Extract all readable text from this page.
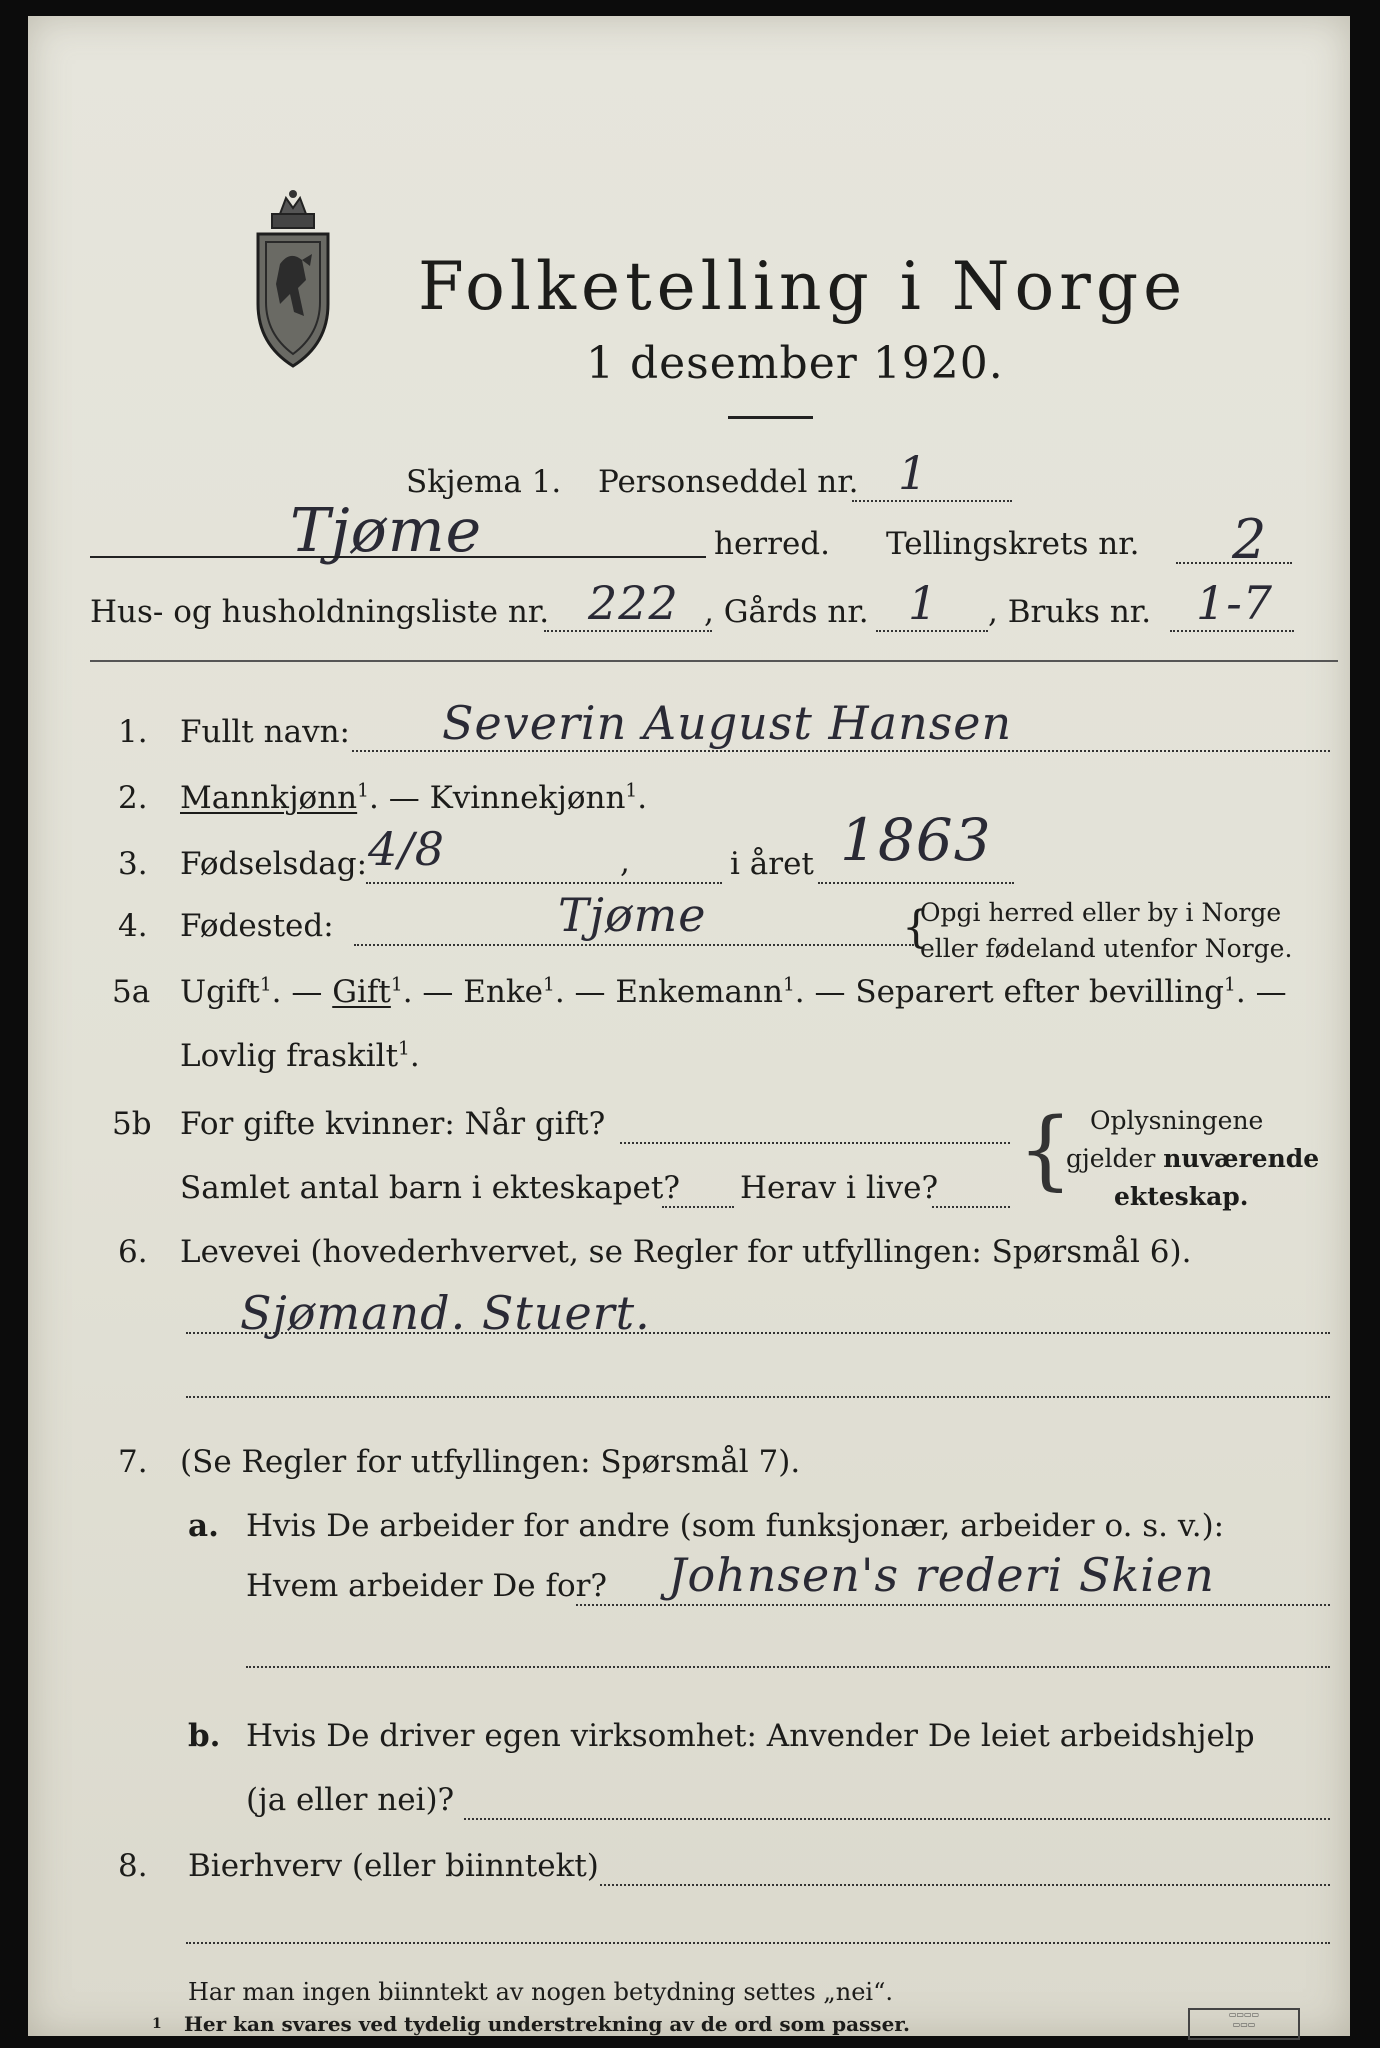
Folketelling i Norge
1 desember 1920.
Skjema 1. Personseddel nr. 1
Tjøme	herred. Tellingskrets nr. 2
Hus- og husholdningsliste nr. 222 , Gårds nr. 1 , Bruks nr. 1-7
1. Fullt navn: Severin August Hansen
2. Mannkjønn$^1$. — Kvinnekjønn$^1$.
3. Fødselsdag: 4/8	,	i året 1863
4. Fødested:	Tjøme	{
Opgi herred eller by i Norge
eller fødeland utenfor Norge.
5a Ugift$^1$. — Gift$^1$. — Enke$^1$. — Enkemann$^1$. — Separert efter bevilling$^1$. —
Lovlig fraskilt$^1$.
5b For gifte kvinner: Når gift?
Samlet antal barn i ekteskapet? Herav i live? { Oplysningene
gjelder nuværende
ekteskap.
6. Levevei (hovederhvervet, se Regler for utfyllingen: Spørsmål 6).
Sjømand. Stuert.
7. (Se Regler for utfyllingen: Spørsmål 7).
a. Hvis De arbeider for andre (som funksjonær, arbeider o. s. v.):
Hvem arbeider De for? Johnsen's rederi Skien
b. Hvis De driver egen virksomhet: Anvender De leiet arbeidshjelp
(ja eller nei)?
8. Bierhverv (eller biinntekt)
Har man ingen biinntekt av nogen betydning settes „nei“.
1 Her kan svares ved tydelig understrekning av de ord som passer.	▭▭▭▭
▭▭▭
